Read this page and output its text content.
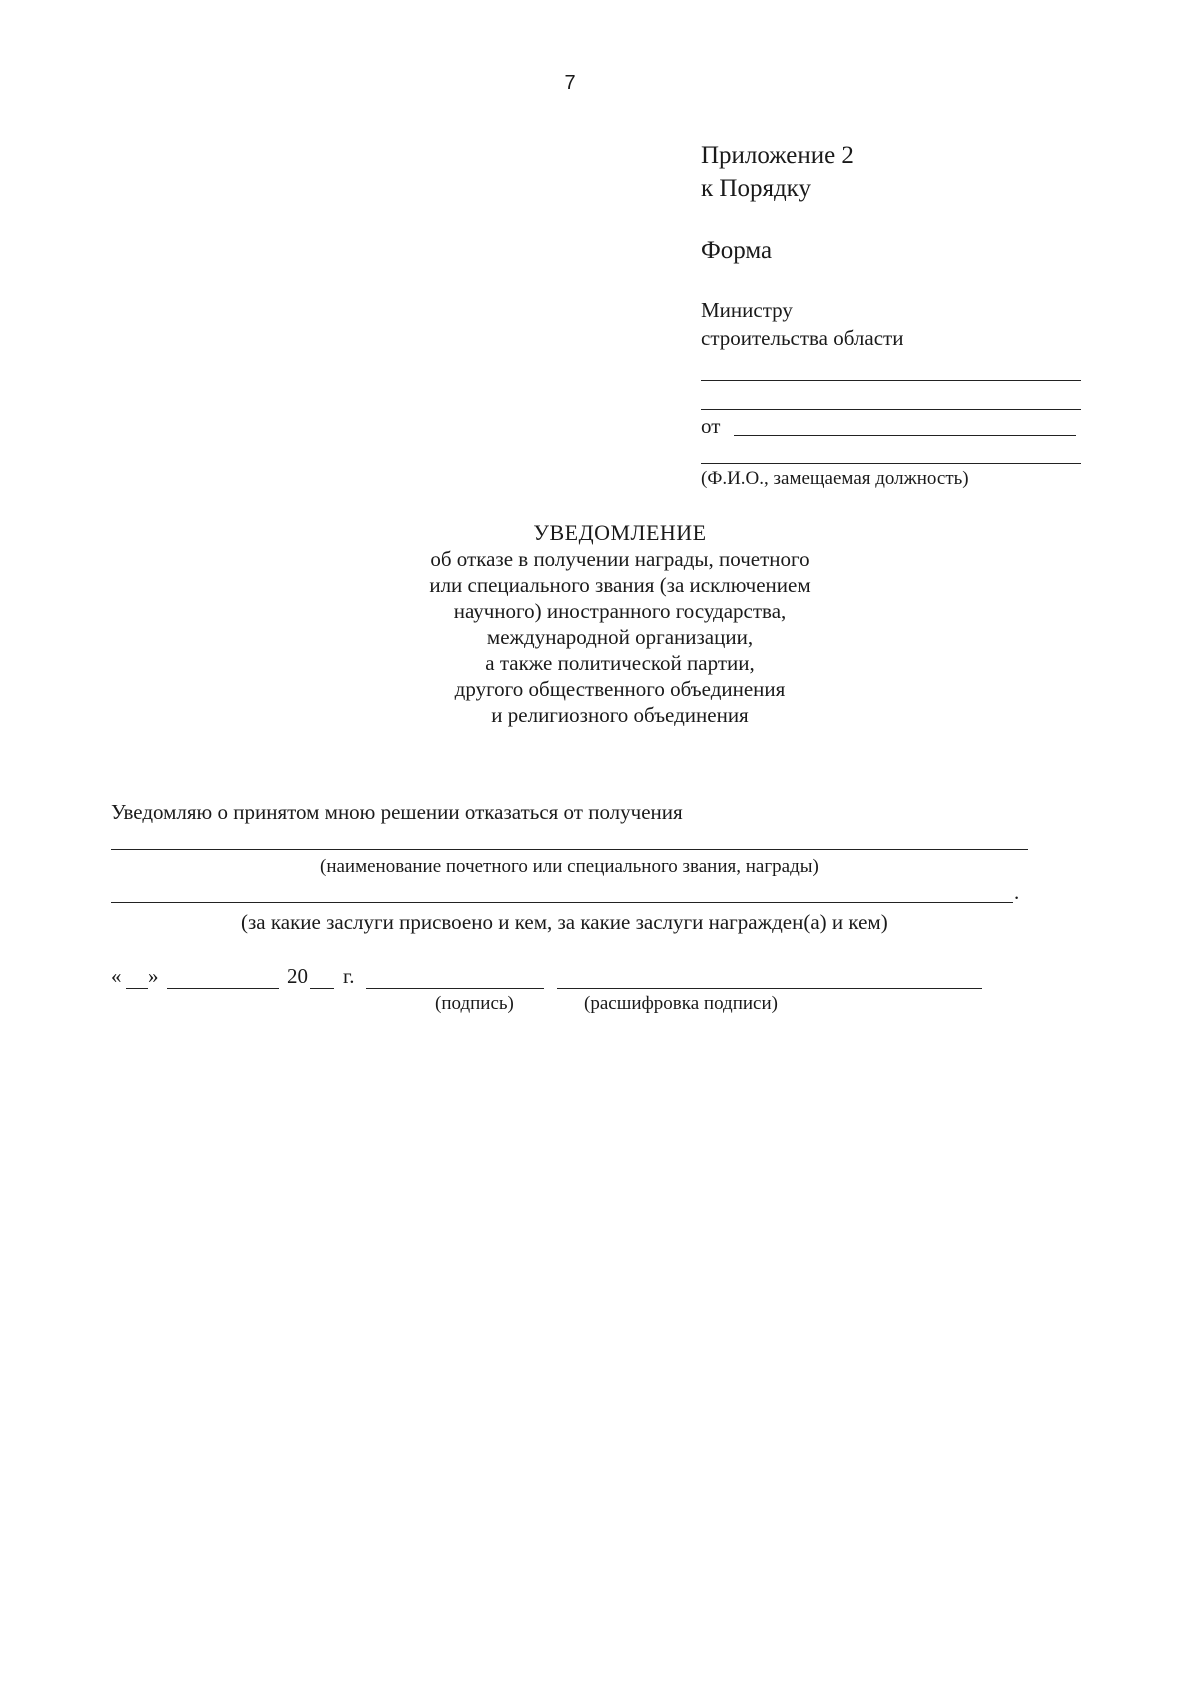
7
Приложение 2
к Порядку
Форма
Министру
строительства области
от
(Ф.И.О., замещаемая должность)
УВЕДОМЛЕНИЕ
об отказе в получении награды, почетного
или специального звания (за исключением
научного) иностранного государства,
международной организации,
а также политической партии,
другого общественного объединения
и религиозного объединения
Уведомляю о принятом мною решении отказаться от получения
(наименование почетного или специального звания, награды)
.
(за какие заслуги присвоено и кем, за какие заслуги награжден(а) и кем)
« »	20 г.
(подпись)	(расшифровка подписи)
